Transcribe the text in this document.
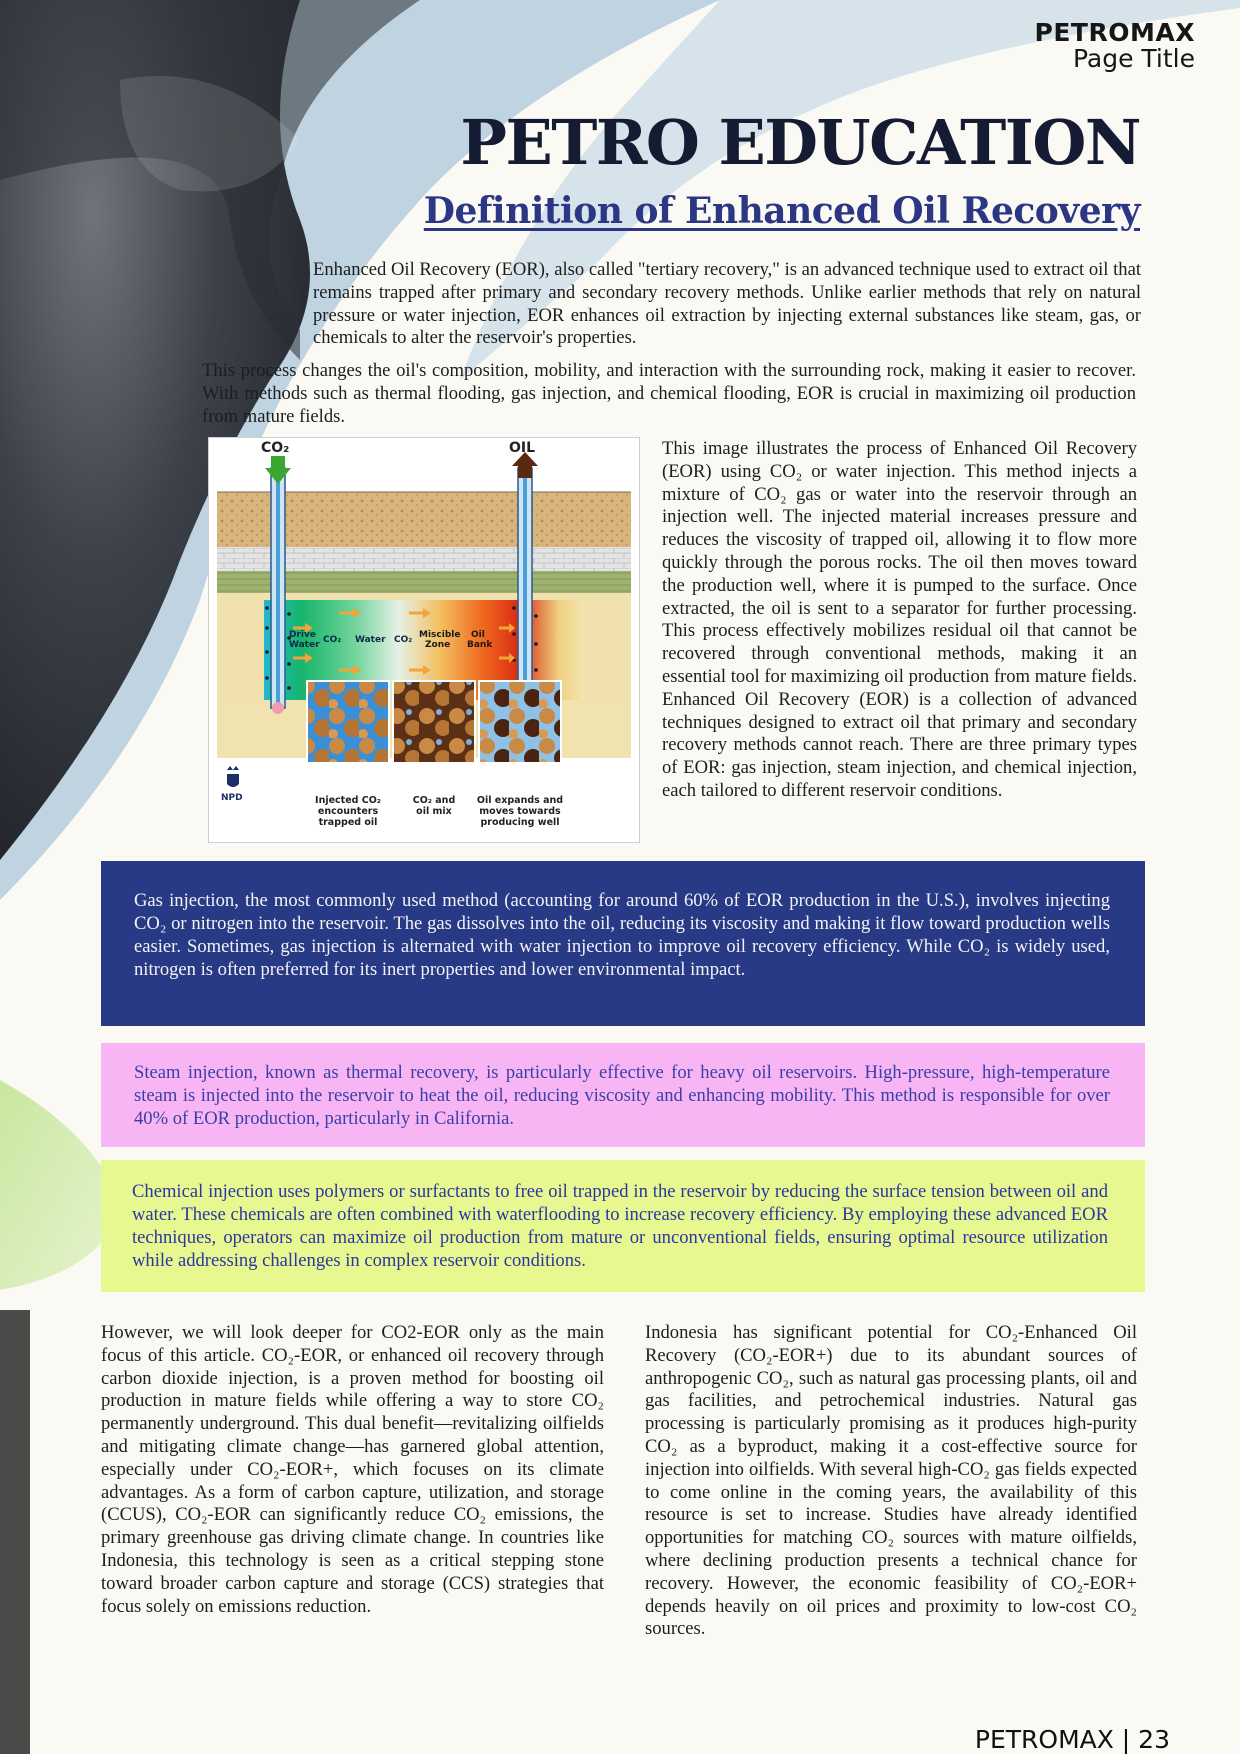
PETROMAX
Page Title
PETRO EDUCATION
Definition of Enhanced Oil Recovery

Enhanced Oil Recovery (EOR), also called "tertiary recovery," is an advanced technique used to extract oil that remains trapped after primary and secondary recovery methods. Unlike earlier methods that rely on natural pressure or water injection, EOR enhances oil extraction by injecting external substances like steam, gas, or chemicals to alter the reservoir's properties.

This process changes the oil's composition, mobility, and interaction with the surrounding rock, making it easier to recover. With methods such as thermal flooding, gas injection, and chemical flooding, EOR is crucial in maximizing oil production from mature fields.

CO₂	OIL
Drive
Water CO₂ Water CO₂ Miscible
Zone
Oil
Bank
Injected CO₂
encounters
trapped oil
CO₂ and
oil mix
Oil expands and
moves towards
producing well
NPD

This image illustrates the process of Enhanced Oil Recovery (EOR) using CO₂ or water injection. This method injects a mixture of CO₂ gas or water into the reservoir through an injection well. The injected material increases pressure and reduces the viscosity of trapped oil, allowing it to flow more quickly through the porous rocks. The oil then moves toward the production well, where it is pumped to the surface. Once extracted, the oil is sent to a separator for further processing. This process effectively mobilizes residual oil that cannot be recovered through conventional methods, making it an essential tool for maximizing oil production from mature fields. Enhanced Oil Recovery (EOR) is a collection of advanced techniques designed to extract oil that primary and secondary recovery methods cannot reach. There are three primary types of EOR: gas injection, steam injection, and chemical injection, each tailored to different reservoir conditions.

Gas injection, the most commonly used method (accounting for around 60% of EOR production in the U.S.), involves injecting CO₂ or nitrogen into the reservoir. The gas dissolves into the oil, reducing its viscosity and making it flow toward production wells easier. Sometimes, gas injection is alternated with water injection to improve oil recovery efficiency. While CO₂ is widely used, nitrogen is often preferred for its inert properties and lower environmental impact.

Steam injection, known as thermal recovery, is particularly effective for heavy oil reservoirs. High-pressure, high-temperature steam is injected into the reservoir to heat the oil, reducing viscosity and enhancing mobility. This method is responsible for over 40% of EOR production, particularly in California.

Chemical injection uses polymers or surfactants to free oil trapped in the reservoir by reducing the surface tension between oil and water. These chemicals are often combined with waterflooding to increase recovery efficiency. By employing these advanced EOR techniques, operators can maximize oil production from mature or unconventional fields, ensuring optimal resource utilization while addressing challenges in complex reservoir conditions.

However, we will look deeper for CO2-EOR only as the main focus of this article. CO₂-EOR, or enhanced oil recovery through carbon dioxide injection, is a proven method for boosting oil production in mature fields while offering a way to store CO₂ permanently underground. This dual benefit—revitalizing oilfields and mitigating climate change—has garnered global attention, especially under CO₂-EOR+, which focuses on its climate advantages. As a form of carbon capture, utilization, and storage (CCUS), CO₂-EOR can significantly reduce CO₂ emissions, the primary greenhouse gas driving climate change. In countries like Indonesia, this technology is seen as a critical stepping stone toward broader carbon capture and storage (CCS) strategies that focus solely on emissions reduction.

Indonesia has significant potential for CO₂-Enhanced Oil Recovery (CO₂-EOR+) due to its abundant sources of anthropogenic CO₂, such as natural gas processing plants, oil and gas facilities, and petrochemical industries. Natural gas processing is particularly promising as it produces high-purity CO₂ as a byproduct, making it a cost-effective source for injection into oilfields. With several high-CO₂ gas fields expected to come online in the coming years, the availability of this resource is set to increase. Studies have already identified opportunities for matching CO₂ sources with mature oilfields, where declining production presents a technical chance for recovery. However, the economic feasibility of CO₂-EOR+ depends heavily on oil prices and proximity to low-cost CO₂ sources.

PETROMAX | 23
